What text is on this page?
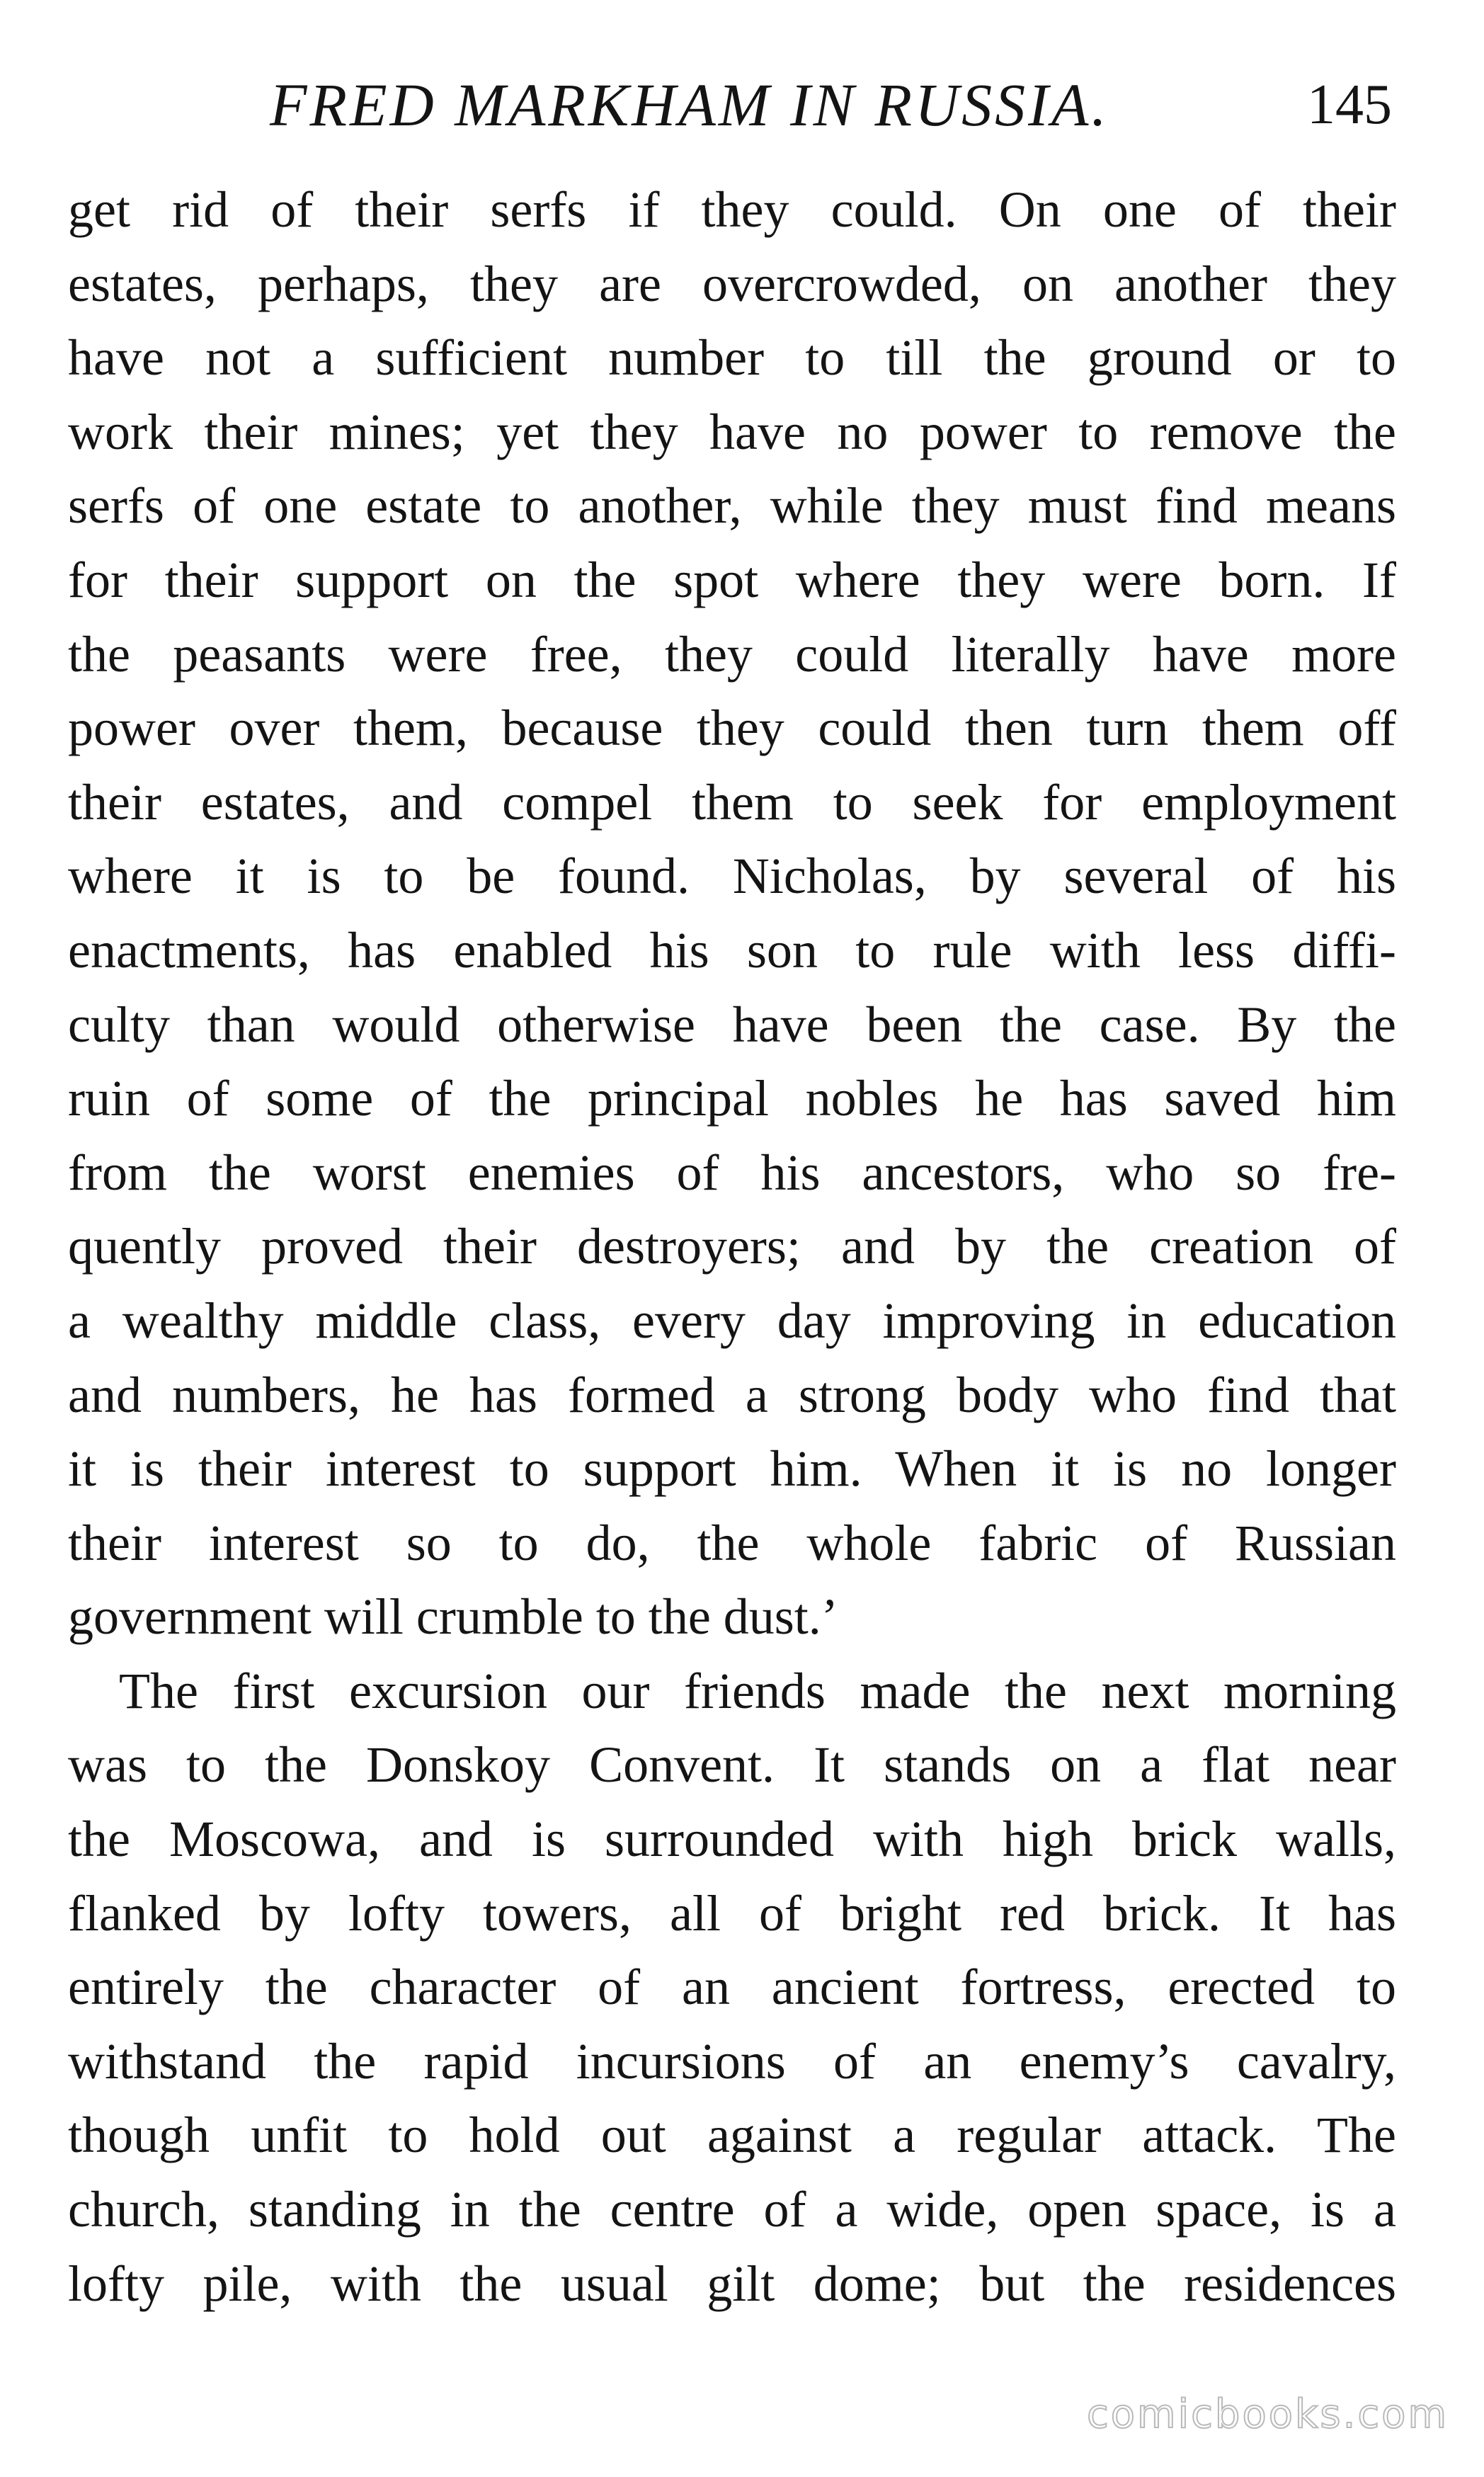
FRED MARKHAM IN RUSSIA.	145
get rid of their serfs if they could. On one of their
estates, perhaps, they are overcrowded, on another they
have not a sufficient number to till the ground or to
work their mines; yet they have no power to remove the
serfs of one estate to another, while they must find means
for their support on the spot where they were born. If
the peasants were free, they could literally have more
power over them, because they could then turn them off
their estates, and compel them to seek for employment
where it is to be found. Nicholas, by several of his
enactments, has enabled his son to rule with less diffi-
culty than would otherwise have been the case. By the
ruin of some of the principal nobles he has saved him
from the worst enemies of his ancestors, who so fre-
quently proved their destroyers; and by the creation of
a wealthy middle class, every day improving in education
and numbers, he has formed a strong body who find that
it is their interest to support him. When it is no longer
their interest so to do, the whole fabric of Russian
government will crumble to the dust.’
The first excursion our friends made the next morning
was to the Donskoy Convent. It stands on a flat near
the Moscowa, and is surrounded with high brick walls,
flanked by lofty towers, all of bright red brick. It has
entirely the character of an ancient fortress, erected to
withstand the rapid incursions of an enemy’s cavalry,
though unfit to hold out against a regular attack. The
church, standing in the centre of a wide, open space, is a
lofty pile, with the usual gilt dome; but the residences
comicbooks.com
